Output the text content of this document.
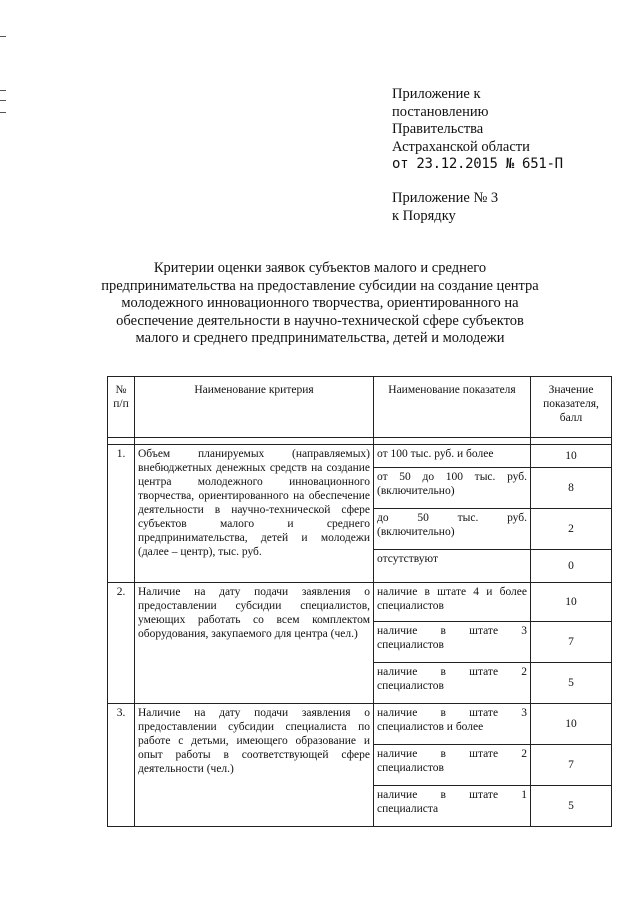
Приложение к
постановлению
Правительства
Астраханской области
от 23.12.2015 № 651-П
Приложение № 3
к Порядку
Критерии оценки заявок субъектов малого и среднего предпринимательства на предоставление субсидии на создание центра молодежного инновационного творчества, ориентированного на обеспечение деятельности в научно-технической сфере субъектов малого и среднего предпринимательства, детей и молодежи
№ п/п	Наименование критерия	Наименование показателя	Значение показателя, балл

1.	Объем планируемых (направляемых) внебюджетных денежных средств на создание центра молодежного инновационного творчества, ориентированного на обеспечение деятельности в научно-технической сфере субъектов малого и среднего предпринимательства, детей и молодежи (далее – центр), тыс. руб.	от 100 тыс. руб. и более	10
		от 50 до 100 тыс. руб. (включительно)	8
		до 50 тыс. руб. (включительно)	2
		отсутствуют	0
2.	Наличие на дату подачи заявления о предоставлении субсидии специалистов, умеющих работать со всем комплектом оборудования, закупаемого для центра (чел.)	наличие в штате 4 и более специалистов	10
		наличие в штате 3 специалистов	7
		наличие в штате 2 специалистов	5
3.	Наличие на дату подачи заявления о предоставлении субсидии специалиста по работе с детьми, имеющего образование и опыт работы в соответствующей сфере деятельности (чел.)	наличие в штате 3 специалистов и более	10
		наличие в штате 2 специалистов	7
		наличие в штате 1 специалиста	5
